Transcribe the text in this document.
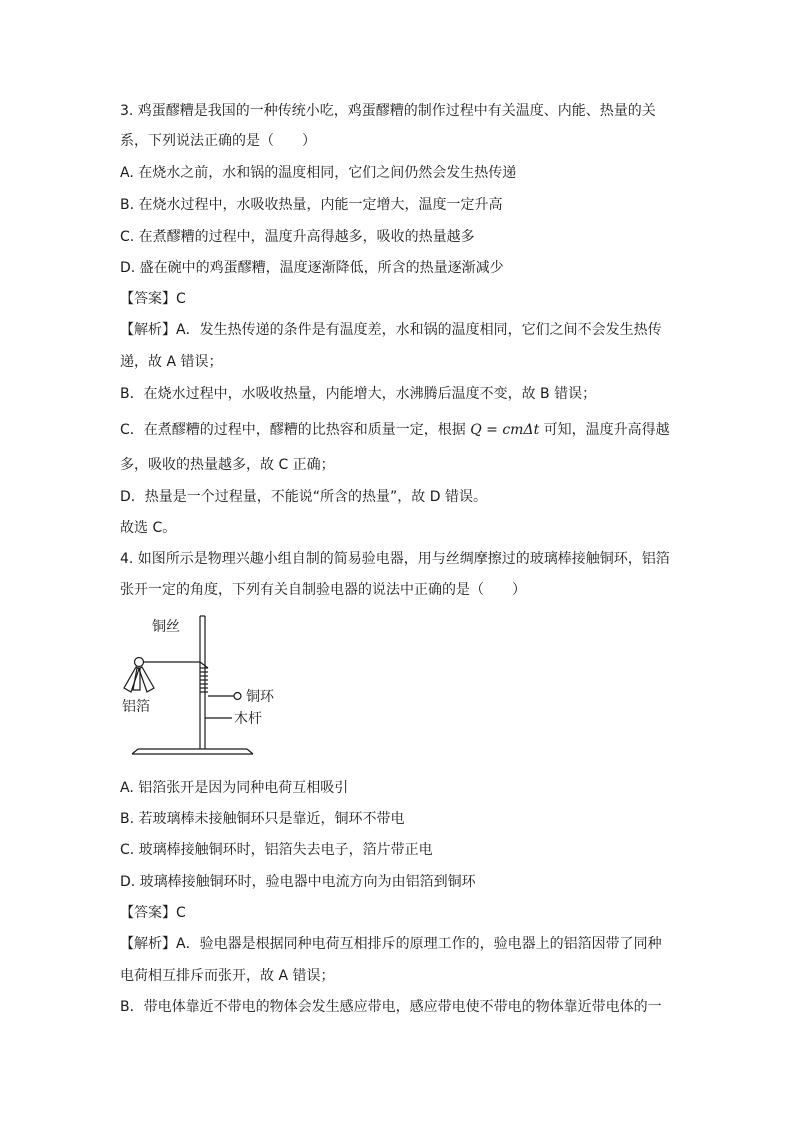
3. 鸡蛋醪糟是我国的一种传统小吃，鸡蛋醪糟的制作过程中有关温度、内能、热量的关
系，下列说法正确的是（　　）
A. 在烧水之前，水和锅的温度相同，它们之间仍然会发生热传递
B. 在烧水过程中，水吸收热量，内能一定增大，温度一定升高
C. 在煮醪糟的过程中，温度升高得越多，吸收的热量越多
D. 盛在碗中的鸡蛋醪糟，温度逐渐降低，所含的热量逐渐减少
【答案】C
【解析】A．发生热传递的条件是有温度差，水和锅的温度相同，它们之间不会发生热传
递，故 A 错误；
B．在烧水过程中，水吸收热量，内能增大，水沸腾后温度不变，故 B 错误；
C．在煮醪糟的过程中，醪糟的比热容和质量一定，根据 Q = cmΔt 可知，温度升高得越
多，吸收的热量越多，故 C 正确；
D．热量是一个过程量，不能说“所含的热量”，故 D 错误。
故选 C。
4. 如图所示是物理兴趣小组自制的简易验电器，用与丝绸摩擦过的玻璃棒接触铜环，铝箔
张开一定的角度，下列有关自制验电器的说法中正确的是（　　）
铜丝
铜环
木杆
铝箔
A. 铝箔张开是因为同种电荷互相吸引
B. 若玻璃棒未接触铜环只是靠近，铜环不带电
C. 玻璃棒接触铜环时，铝箔失去电子，箔片带正电
D. 玻璃棒接触铜环时，验电器中电流方向为由铝箔到铜环
【答案】C
【解析】A．验电器是根据同种电荷互相排斥的原理工作的，验电器上的铝箔因带了同种
电荷相互排斥而张开，故 A 错误；
B．带电体靠近不带电的物体会发生感应带电，感应带电使不带电的物体靠近带电体的一
